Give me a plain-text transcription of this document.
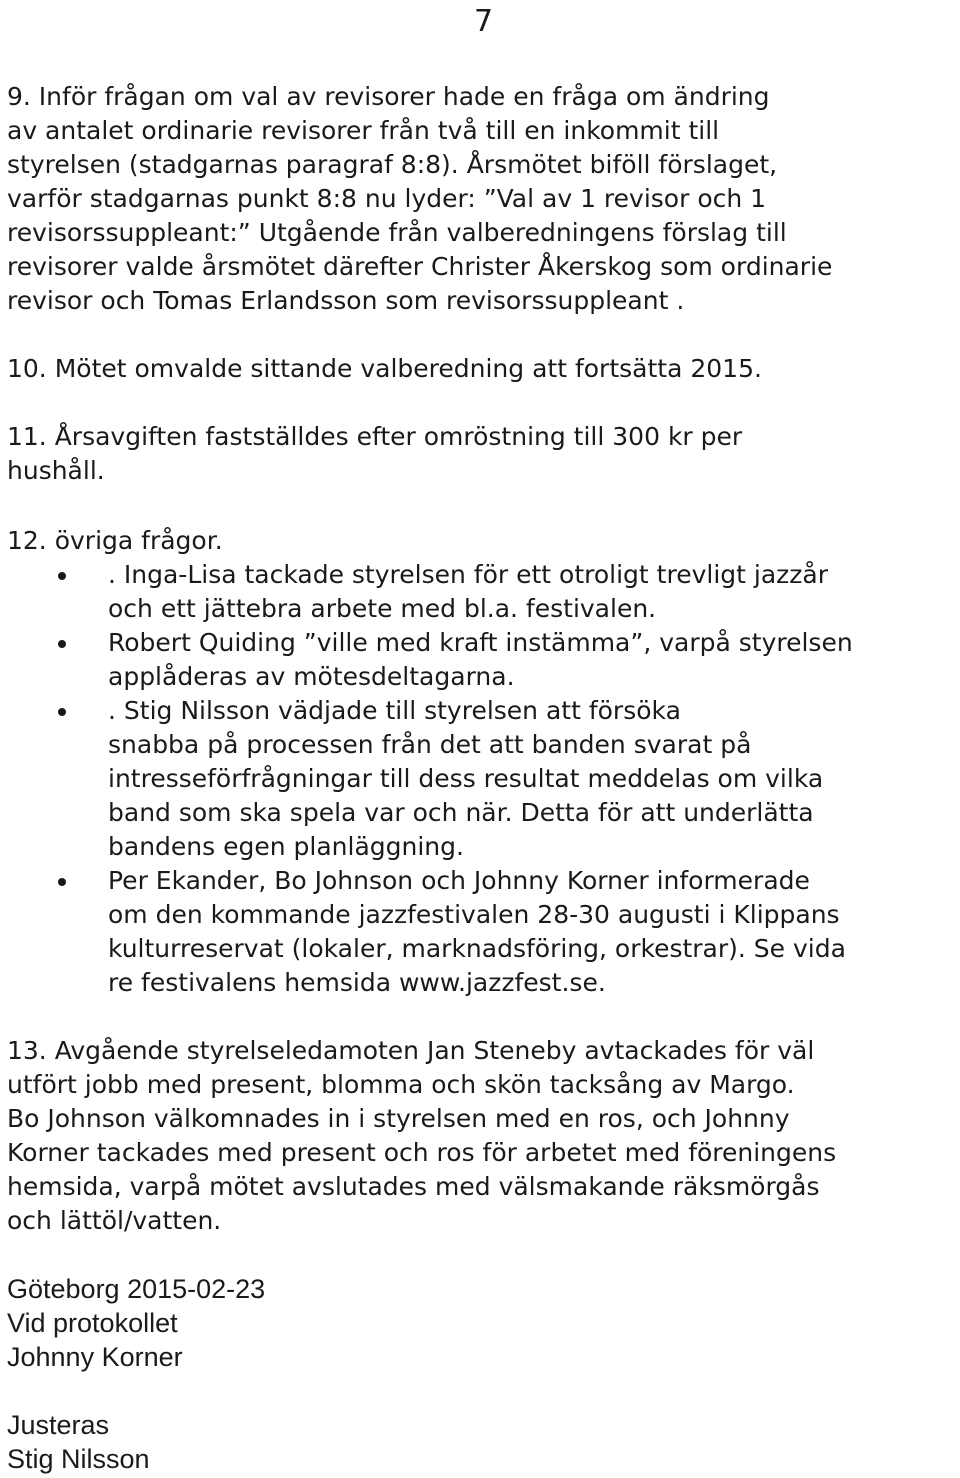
7

9. Inför frågan om val av revisorer hade en fråga om ändring
av antalet ordinarie revisorer från två till en inkommit till
styrelsen (stadgarnas paragraf 8:8). Årsmötet biföll förslaget,
varför stadgarnas punkt 8:8 nu lyder: ”Val av 1 revisor och 1
revisorssuppleant:” Utgående från valberedningens förslag till
revisorer valde årsmötet därefter Christer Åkerskog som ordinarie
revisor och Tomas Erlandsson som revisorssuppleant .

10. Mötet omvalde sittande valberedning att fortsätta 2015.

11. Årsavgiften fastställdes efter omröstning till 300 kr per
hushåll.

12. övriga frågor.

. Inga-Lisa tackade styrelsen för ett otroligt trevligt jazzår
och ett jättebra arbete med bl.a. festivalen.
Robert Quiding ”ville med kraft instämma”, varpå styrelsen
applåderas av mötesdeltagarna.
. Stig Nilsson vädjade till styrelsen att försöka
snabba på processen från det att banden svarat på
intresseförfrågningar till dess resultat meddelas om vilka
band som ska spela var och när. Detta för att underlätta
bandens egen planläggning.
Per Ekander, Bo Johnson och Johnny Korner informerade
om den kommande jazzfestivalen 28-30 augusti i Klippans
kulturreservat (lokaler, marknadsföring, orkestrar). Se vida
re festivalens hemsida www.jazzfest.se.

13. Avgående styrelseledamoten Jan Steneby avtackades för väl
utfört jobb med present, blomma och skön tacksång av Margo.
Bo Johnson välkomnades in i styrelsen med en ros, och Johnny
Korner tackades med present och ros för arbetet med föreningens
hemsida, varpå mötet avslutades med välsmakande räksmörgås
och lättöl/vatten.

Göteborg 2015-02-23
Vid protokollet
Johnny Korner

Justeras
Stig Nilsson
